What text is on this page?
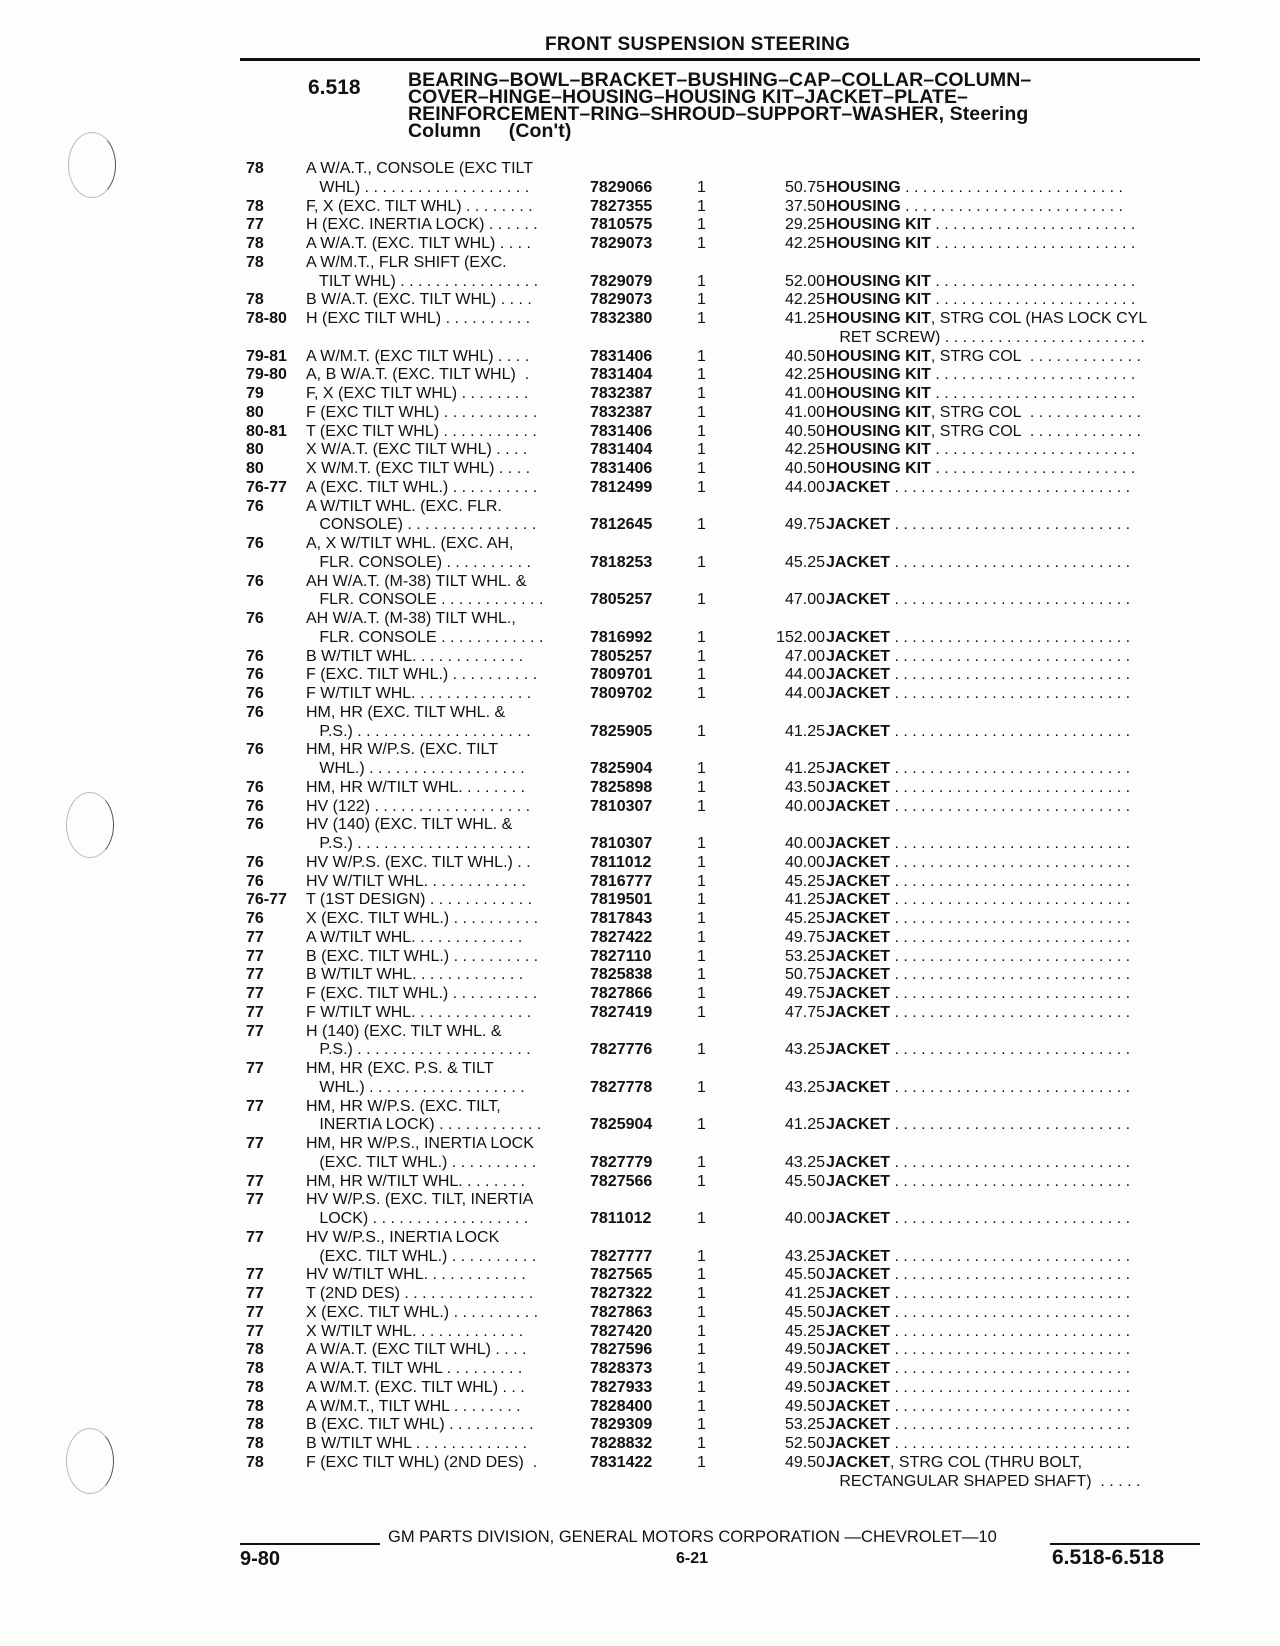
FRONT SUSPENSION STEERING
6.518 BEARING–BOWL–BRACKET–BUSHING–CAP–COLLAR–COLUMN–
COVER–HINGE–HOUSING–HOUSING KIT–JACKET–PLATE–
REINFORCEMENT–RING–SHROUD–SUPPORT–WASHER, Steering
Column     (Con't)
78	A W/A.T., CONSOLE (EXC TILT
WHL) . . . . . . . . . . . . . . . . . . .	7829066	1	50.75 HOUSING . . . . . . . . . . . . . . . . . . . . . . . . .
78	F, X (EXC. TILT WHL) . . . . . . . .	7827355	1	37.50 HOUSING . . . . . . . . . . . . . . . . . . . . . . . . .
77	H (EXC. INERTIA LOCK) . . . . . .	7810575	1	29.25 HOUSING KIT . . . . . . . . . . . . . . . . . . . . . . .
78	A W/A.T. (EXC. TILT WHL) . . . .	7829073	1	42.25 HOUSING KIT . . . . . . . . . . . . . . . . . . . . . . .
78	A W/M.T., FLR SHIFT (EXC.
TILT WHL) . . . . . . . . . . . . . . . .	7829079	1	52.00 HOUSING KIT . . . . . . . . . . . . . . . . . . . . . . .
78	B W/A.T. (EXC. TILT WHL) . . . .	7829073	1	42.25 HOUSING KIT . . . . . . . . . . . . . . . . . . . . . . .
78-80 H (EXC TILT WHL) . . . . . . . . . .	7832380	1	41.25 HOUSING KIT, STRG COL (HAS LOCK CYL
RET SCREW) . . . . . . . . . . . . . . . . . . . . . . .
79-81 A W/M.T. (EXC TILT WHL) . . . .	7831406	1	40.50 HOUSING KIT, STRG COL  . . . . . . . . . . . . .
79-80 A, B W/A.T. (EXC. TILT WHL)  .	7831404	1	42.25 HOUSING KIT . . . . . . . . . . . . . . . . . . . . . . .
79	F, X (EXC TILT WHL) . . . . . . . .	7832387	1	41.00 HOUSING KIT . . . . . . . . . . . . . . . . . . . . . . .
80	F (EXC TILT WHL) . . . . . . . . . . .	7832387	1	41.00 HOUSING KIT, STRG COL  . . . . . . . . . . . . .
80-81 T (EXC TILT WHL) . . . . . . . . . . .	7831406	1	40.50 HOUSING KIT, STRG COL  . . . . . . . . . . . . .
80	X W/A.T. (EXC TILT WHL) . . . .	7831404	1	42.25 HOUSING KIT . . . . . . . . . . . . . . . . . . . . . . .
80	X W/M.T. (EXC TILT WHL) . . . .	7831406	1	40.50 HOUSING KIT . . . . . . . . . . . . . . . . . . . . . . .
76-77 A (EXC. TILT WHL.) . . . . . . . . . .	7812499	1	44.00 JACKET . . . . . . . . . . . . . . . . . . . . . . . . . . .
76	A W/TILT WHL. (EXC. FLR.
CONSOLE) . . . . . . . . . . . . . . .	7812645	1	49.75 JACKET . . . . . . . . . . . . . . . . . . . . . . . . . . .
76	A, X W/TILT WHL. (EXC. AH,
FLR. CONSOLE) . . . . . . . . . .	7818253	1	45.25 JACKET . . . . . . . . . . . . . . . . . . . . . . . . . . .
76	AH W/A.T. (M-38) TILT WHL. &
FLR. CONSOLE . . . . . . . . . . . .	7805257	1	47.00 JACKET . . . . . . . . . . . . . . . . . . . . . . . . . . .
76	AH W/A.T. (M-38) TILT WHL.,
FLR. CONSOLE . . . . . . . . . . . .	7816992	1	152.00 JACKET . . . . . . . . . . . . . . . . . . . . . . . . . . .
76	B W/TILT WHL. . . . . . . . . . . . .	7805257	1	47.00 JACKET . . . . . . . . . . . . . . . . . . . . . . . . . . .
76	F (EXC. TILT WHL.) . . . . . . . . . .	7809701	1	44.00 JACKET . . . . . . . . . . . . . . . . . . . . . . . . . . .
76	F W/TILT WHL. . . . . . . . . . . . . .	7809702	1	44.00 JACKET . . . . . . . . . . . . . . . . . . . . . . . . . . .
76	HM, HR (EXC. TILT WHL. &
P.S.) . . . . . . . . . . . . . . . . . . . .	7825905	1	41.25 JACKET . . . . . . . . . . . . . . . . . . . . . . . . . . .
76	HM, HR W/P.S. (EXC. TILT
WHL.) . . . . . . . . . . . . . . . . . .	7825904	1	41.25 JACKET . . . . . . . . . . . . . . . . . . . . . . . . . . .
76	HM, HR W/TILT WHL. . . . . . . .	7825898	1	43.50 JACKET . . . . . . . . . . . . . . . . . . . . . . . . . . .
76	HV (122) . . . . . . . . . . . . . . . . . .	7810307	1	40.00 JACKET . . . . . . . . . . . . . . . . . . . . . . . . . . .
76	HV (140) (EXC. TILT WHL. &
P.S.) . . . . . . . . . . . . . . . . . . . .	7810307	1	40.00 JACKET . . . . . . . . . . . . . . . . . . . . . . . . . . .
76	HV W/P.S. (EXC. TILT WHL.) . .	7811012	1	40.00 JACKET . . . . . . . . . . . . . . . . . . . . . . . . . . .
76	HV W/TILT WHL. . . . . . . . . . . .	7816777	1	45.25 JACKET . . . . . . . . . . . . . . . . . . . . . . . . . . .
76-77 T (1ST DESIGN) . . . . . . . . . . . .	7819501	1	41.25 JACKET . . . . . . . . . . . . . . . . . . . . . . . . . . .
76	X (EXC. TILT WHL.) . . . . . . . . . .	7817843	1	45.25 JACKET . . . . . . . . . . . . . . . . . . . . . . . . . . .
77	A W/TILT WHL. . . . . . . . . . . . .	7827422	1	49.75 JACKET . . . . . . . . . . . . . . . . . . . . . . . . . . .
77	B (EXC. TILT WHL.) . . . . . . . . . .	7827110	1	53.25 JACKET . . . . . . . . . . . . . . . . . . . . . . . . . . .
77	B W/TILT WHL. . . . . . . . . . . . .	7825838	1	50.75 JACKET . . . . . . . . . . . . . . . . . . . . . . . . . . .
77	F (EXC. TILT WHL.) . . . . . . . . . .	7827866	1	49.75 JACKET . . . . . . . . . . . . . . . . . . . . . . . . . . .
77	F W/TILT WHL. . . . . . . . . . . . . .	7827419	1	47.75 JACKET . . . . . . . . . . . . . . . . . . . . . . . . . . .
77	H (140) (EXC. TILT WHL. &
P.S.) . . . . . . . . . . . . . . . . . . . .	7827776	1	43.25 JACKET . . . . . . . . . . . . . . . . . . . . . . . . . . .
77	HM, HR (EXC. P.S. & TILT
WHL.) . . . . . . . . . . . . . . . . . .	7827778	1	43.25 JACKET . . . . . . . . . . . . . . . . . . . . . . . . . . .
77	HM, HR W/P.S. (EXC. TILT,
INERTIA LOCK) . . . . . . . . . . . .	7825904	1	41.25 JACKET . . . . . . . . . . . . . . . . . . . . . . . . . . .
77	HM, HR W/P.S., INERTIA LOCK
(EXC. TILT WHL.) . . . . . . . . . .	7827779	1	43.25 JACKET . . . . . . . . . . . . . . . . . . . . . . . . . . .
77	HM, HR W/TILT WHL. . . . . . . .	7827566	1	45.50 JACKET . . . . . . . . . . . . . . . . . . . . . . . . . . .
77	HV W/P.S. (EXC. TILT, INERTIA
LOCK) . . . . . . . . . . . . . . . . . .	7811012	1	40.00 JACKET . . . . . . . . . . . . . . . . . . . . . . . . . . .
77	HV W/P.S., INERTIA LOCK
(EXC. TILT WHL.) . . . . . . . . . .	7827777	1	43.25 JACKET . . . . . . . . . . . . . . . . . . . . . . . . . . .
77	HV W/TILT WHL. . . . . . . . . . . .	7827565	1	45.50 JACKET . . . . . . . . . . . . . . . . . . . . . . . . . . .
77	T (2ND DES) . . . . . . . . . . . . . . .	7827322	1	41.25 JACKET . . . . . . . . . . . . . . . . . . . . . . . . . . .
77	X (EXC. TILT WHL.) . . . . . . . . . .	7827863	1	45.50 JACKET . . . . . . . . . . . . . . . . . . . . . . . . . . .
77	X W/TILT WHL. . . . . . . . . . . . .	7827420	1	45.25 JACKET . . . . . . . . . . . . . . . . . . . . . . . . . . .
78	A W/A.T. (EXC TILT WHL) . . . .	7827596	1	49.50 JACKET . . . . . . . . . . . . . . . . . . . . . . . . . . .
78	A W/A.T. TILT WHL . . . . . . . . .	7828373	1	49.50 JACKET . . . . . . . . . . . . . . . . . . . . . . . . . . .
78	A W/M.T. (EXC. TILT WHL) . . .	7827933	1	49.50 JACKET . . . . . . . . . . . . . . . . . . . . . . . . . . .
78	A W/M.T., TILT WHL . . . . . . . .	7828400	1	49.50 JACKET . . . . . . . . . . . . . . . . . . . . . . . . . . .
78	B (EXC. TILT WHL) . . . . . . . . . .	7829309	1	53.25 JACKET . . . . . . . . . . . . . . . . . . . . . . . . . . .
78	B W/TILT WHL . . . . . . . . . . . . .	7828832	1	52.50 JACKET . . . . . . . . . . . . . . . . . . . . . . . . . . .
78	F (EXC TILT WHL) (2ND DES)  .	7831422	1	49.50 JACKET, STRG COL (THRU BOLT,
RECTANGULAR SHAPED SHAFT)  . . . . .
GM PARTS DIVISION, GENERAL MOTORS CORPORATION —CHEVROLET—10
9-80	6-21	6.518-6.518
